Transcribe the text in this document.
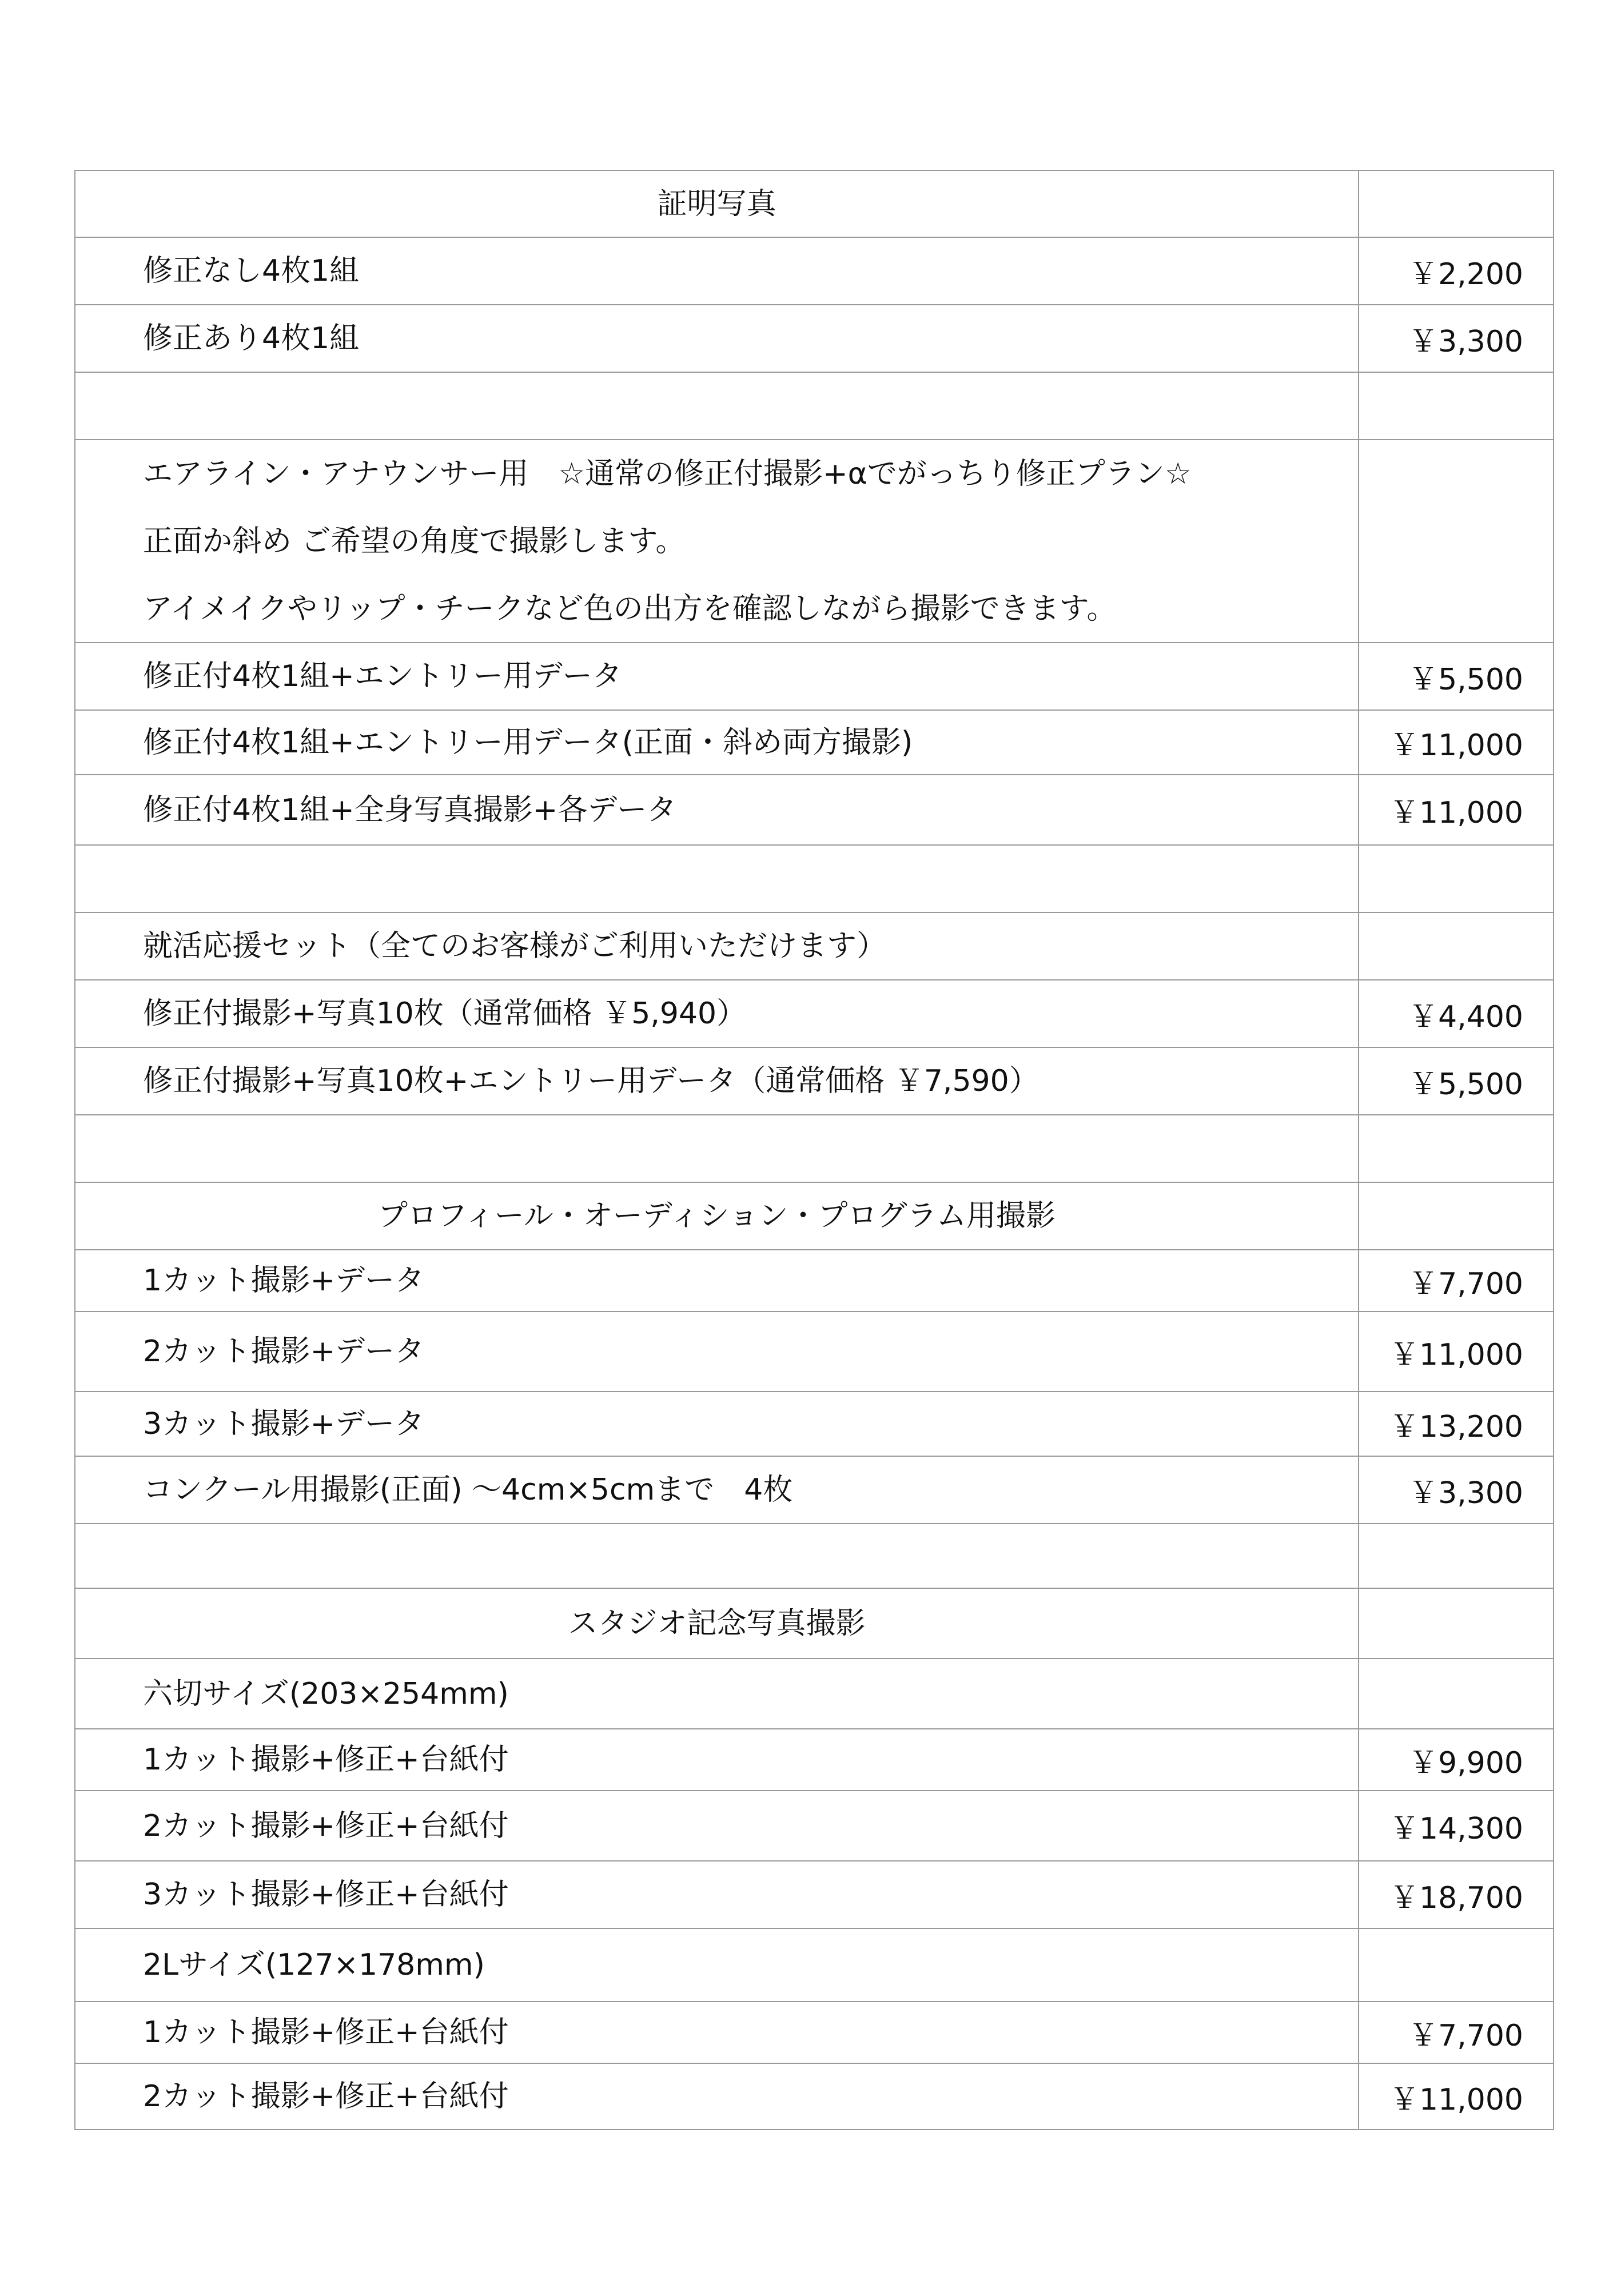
証明写真
修正なし4枚1組	￥2,200
修正あり4枚1組	￥3,300
エアライン・アナウンサー用　☆通常の修正付撮影+αでがっちり修正プラン☆
正面か斜め ご希望の角度で撮影します。
アイメイクやリップ・チークなど色の出方を確認しながら撮影できます。
修正付4枚1組+エントリー用データ	￥5,500
修正付4枚1組+エントリー用データ(正面・斜め両方撮影)	￥11,000
修正付4枚1組+全身写真撮影+各データ	￥11,000
就活応援セット（全てのお客様がご利用いただけます）
修正付撮影+写真10枚（通常価格 ￥5,940）	￥4,400
修正付撮影+写真10枚+エントリー用データ（通常価格 ￥7,590）	￥5,500
プロフィール・オーディション・プログラム用撮影
1カット撮影+データ	￥7,700
2カット撮影+データ	￥11,000
3カット撮影+データ	￥13,200
コンクール用撮影(正面) ～4cm×5cmまで　4枚	￥3,300
スタジオ記念写真撮影
六切サイズ(203×254mm)
1カット撮影+修正+台紙付	￥9,900
2カット撮影+修正+台紙付	￥14,300
3カット撮影+修正+台紙付	￥18,700
2Lサイズ(127×178mm)
1カット撮影+修正+台紙付	￥7,700
2カット撮影+修正+台紙付	￥11,000
